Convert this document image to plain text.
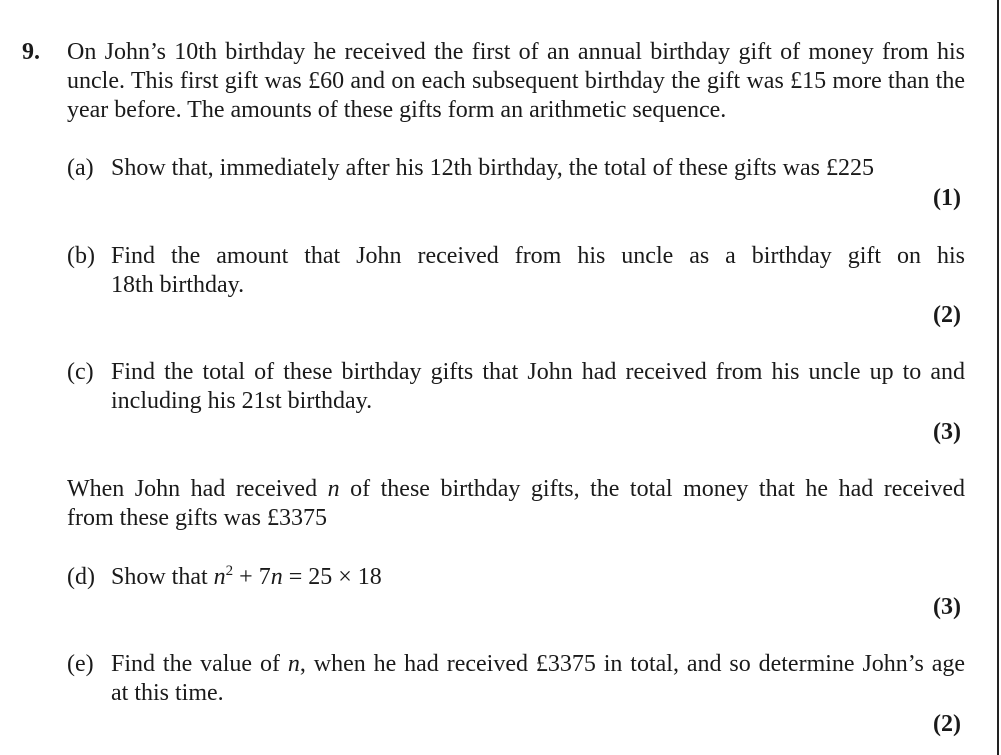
9. On John’s 10th birthday he received the first of an annual birthday gift of money from his uncle. This first gift was £60 and on each subsequent birthday the gift was £15 more than the year before. The amounts of these gifts form an arithmetic sequence.
(a) Show that, immediately after his 12th birthday, the total of these gifts was £225
(1)
(b) Find the amount that John received from his uncle as a birthday gift on his
18th birthday.
(2)
(c) Find the total of these birthday gifts that John had received from his uncle up to and
including his 21st birthday.
(3)
When John had received n of these birthday gifts, the total money that he had received
from these gifts was £3375
(d) Show that $n^2 + 7n = 25 \times 18$
(3)
(e) Find the value of n, when he had received £3375 in total, and so determine John’s age
at this time.
(2)
